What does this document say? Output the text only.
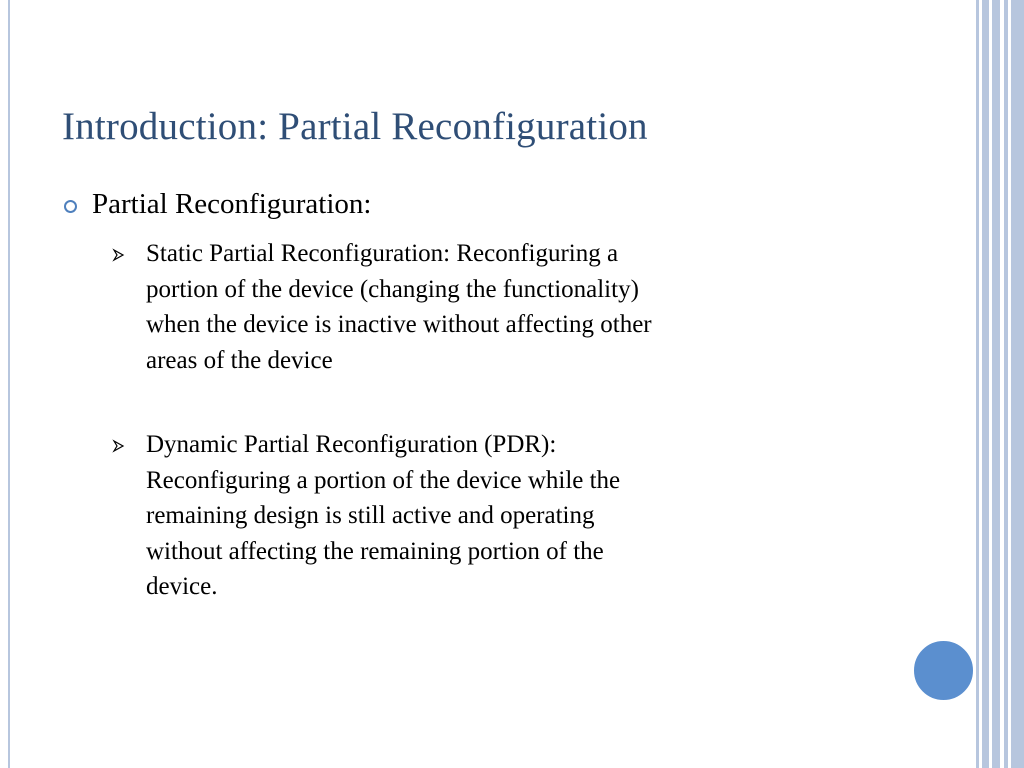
Introduction: Partial Reconfiguration
Partial Reconfiguration:
Static Partial Reconfiguration: Reconfiguring a
portion of the device (changing the functionality)
when the device is inactive without affecting other
areas of the device
Dynamic Partial Reconfiguration (PDR):
Reconfiguring a portion of the device while the
remaining design is still active and operating
without affecting the remaining portion of the
device.
